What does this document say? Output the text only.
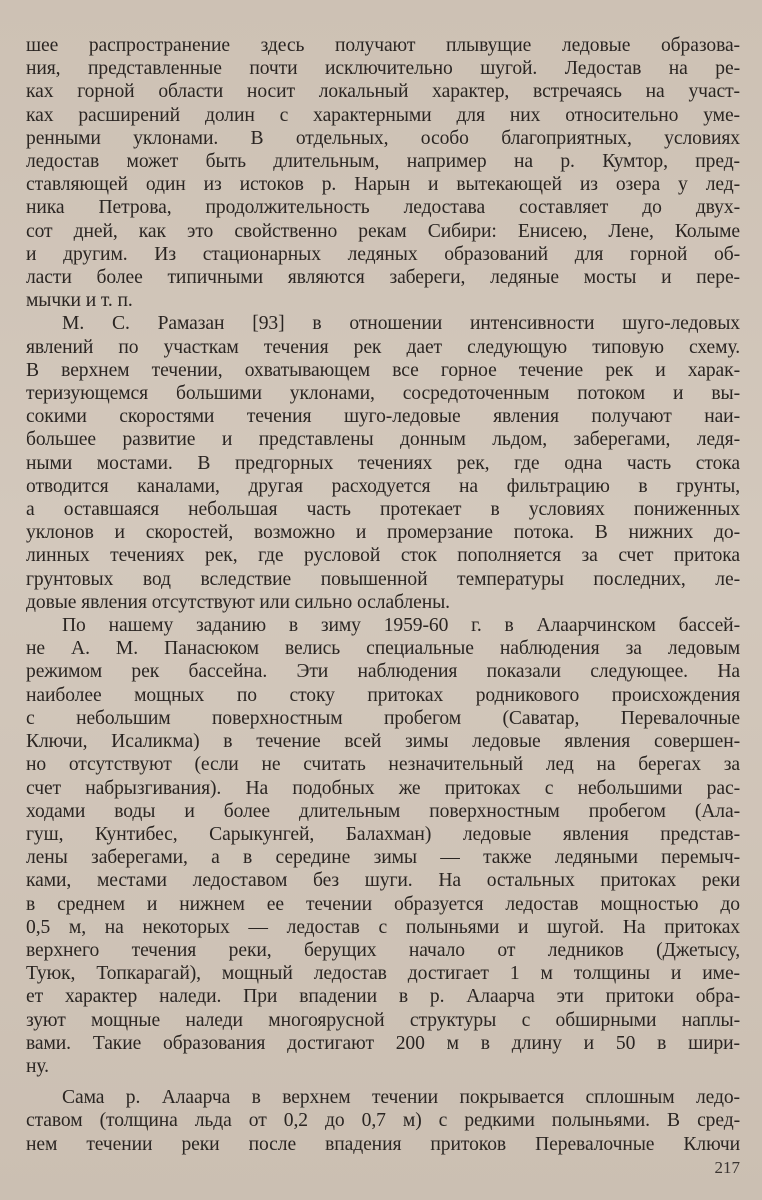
шее распространение здесь получают плывущие ледовые образова-
ния, представленные почти исключительно шугой. Ледостав на ре-
ках горной области носит локальный характер, встречаясь на участ-
ках расширений долин с характерными для них относительно уме-
ренными уклонами. В отдельных, особо благоприятных, условиях
ледостав может быть длительным, например на р. Кумтор, пред-
ставляющей один из истоков р. Нарын и вытекающей из озера у лед-
ника Петрова, продолжительность ледостава составляет до двух-
сот дней, как это свойственно рекам Сибири: Енисею, Лене, Колыме
и другим. Из стационарных ледяных образований для горной об-
ласти более типичными являются забереги, ледяные мосты и пере-
мычки и т. п.
М. С. Рамазан [93] в отношении интенсивности шуго-ледовых
явлений по участкам течения рек дает следующую типовую схему.
В верхнем течении, охватывающем все горное течение рек и харак-
теризующемся большими уклонами, сосредоточенным потоком и вы-
сокими скоростями течения шуго-ледовые явления получают наи-
большее развитие и представлены донным льдом, заберегами, ледя-
ными мостами. В предгорных течениях рек, где одна часть стока
отводится каналами, другая расходуется на фильтрацию в грунты,
а оставшаяся небольшая часть протекает в условиях пониженных
уклонов и скоростей, возможно и промерзание потока. В нижних до-
линных течениях рек, где русловой сток пополняется за счет притока
грунтовых вод вследствие повышенной температуры последних, ле-
довые явления отсутствуют или сильно ослаблены.
По нашему заданию в зиму 1959-60 г. в Алаарчинском бассей-
не А. М. Панасюком велись специальные наблюдения за ледовым
режимом рек бассейна. Эти наблюдения показали следующее. На
наиболее мощных по стоку притоках родникового происхождения
с небольшим поверхностным пробегом (Саватар, Перевалочные
Ключи, Исаликма) в течение всей зимы ледовые явления совершен-
но отсутствуют (если не считать незначительный лед на берегах за
счет набрызгивания). На подобных же притоках с небольшими рас-
ходами воды и более длительным поверхностным пробегом (Ала-
гуш, Кунтибес, Сарыкунгей, Балахман) ледовые явления представ-
лены заберегами, а в середине зимы — также ледяными перемыч-
ками, местами ледоставом без шуги. На остальных притоках реки
в среднем и нижнем ее течении образуется ледостав мощностью до
0,5 м, на некоторых — ледостав с полыньями и шугой. На притоках
верхнего течения реки, берущих начало от ледников (Джетысу,
Туюк, Топкарагай), мощный ледостав достигает 1 м толщины и име-
ет характер наледи. При впадении в р. Алаарча эти притоки обра-
зуют мощные наледи многоярусной структуры с обширными наплы-
вами. Такие образования достигают 200 м в длину и 50 в шири-
ну.
Сама р. Алаарча в верхнем течении покрывается сплошным ледо-
ставом (толщина льда от 0,2 до 0,7 м) с редкими полыньями. В сред-
нем течении реки после впадения притоков Перевалочные Ключи
217
